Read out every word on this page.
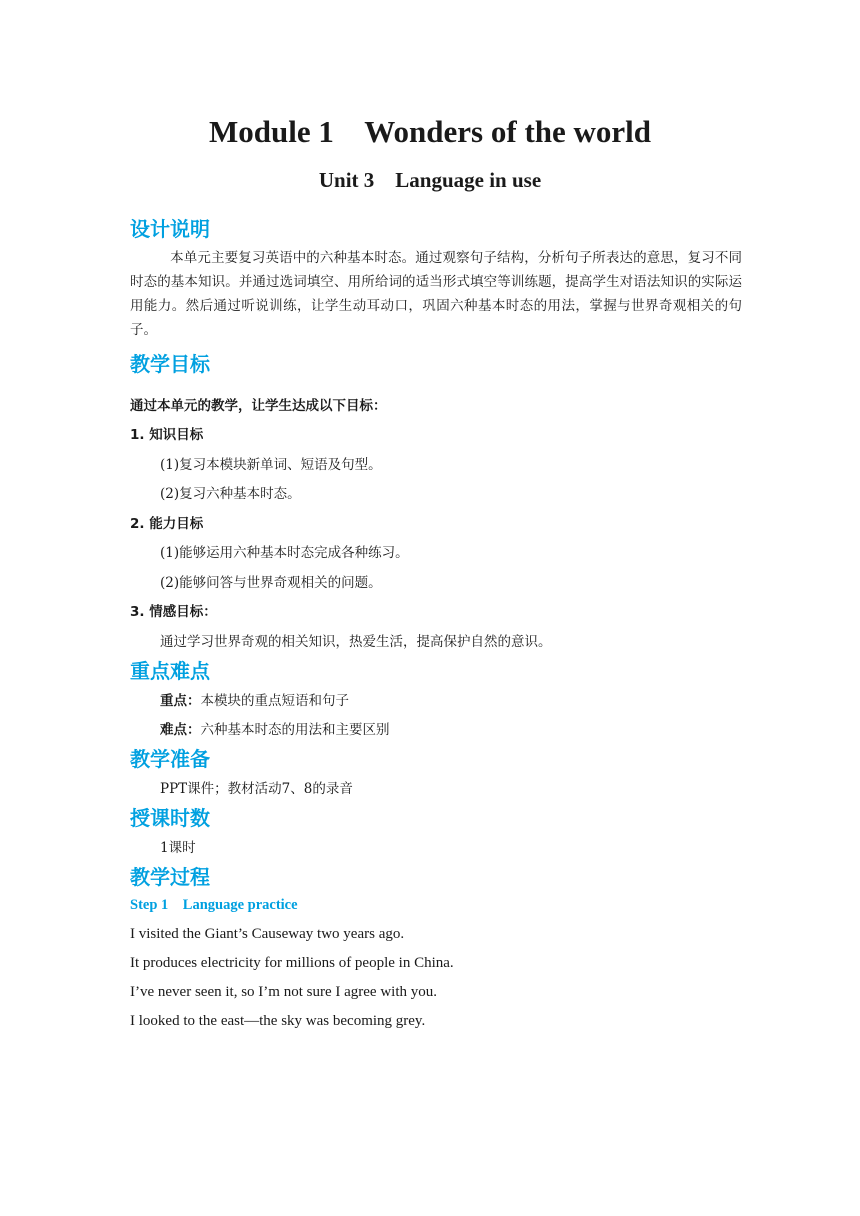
Module 1    Wonders of the world
Unit 3    Language in use
设计说明
本单元主要复习英语中的六种基本时态。通过观察句子结构，分析句子所表达的意思，复习不同时态的基本知识。并通过选词填空、用所给词的适当形式填空等训练题，提高学生对语法知识的实际运用能力。然后通过听说训练，让学生动耳动口，巩固六种基本时态的用法，掌握与世界奇观相关的句子。
教学目标
通过本单元的教学，让学生达成以下目标：
1. 知识目标
(1)复习本模块新单词、短语及句型。
(2)复习六种基本时态。
2. 能力目标
(1)能够运用六种基本时态完成各种练习。
(2)能够问答与世界奇观相关的问题。
3. 情感目标：
通过学习世界奇观的相关知识，热爱生活，提高保护自然的意识。
重点难点
重点：本模块的重点短语和句子
难点：六种基本时态的用法和主要区别
教学准备
PPT课件；教材活动7、8的录音
授课时数
1课时
教学过程
Step 1    Language practice
I visited the Giant’s Causeway two years ago.
It produces electricity for millions of people in China.
I’ve never seen it, so I’m not sure I agree with you.
I looked to the east—the sky was becoming grey.
